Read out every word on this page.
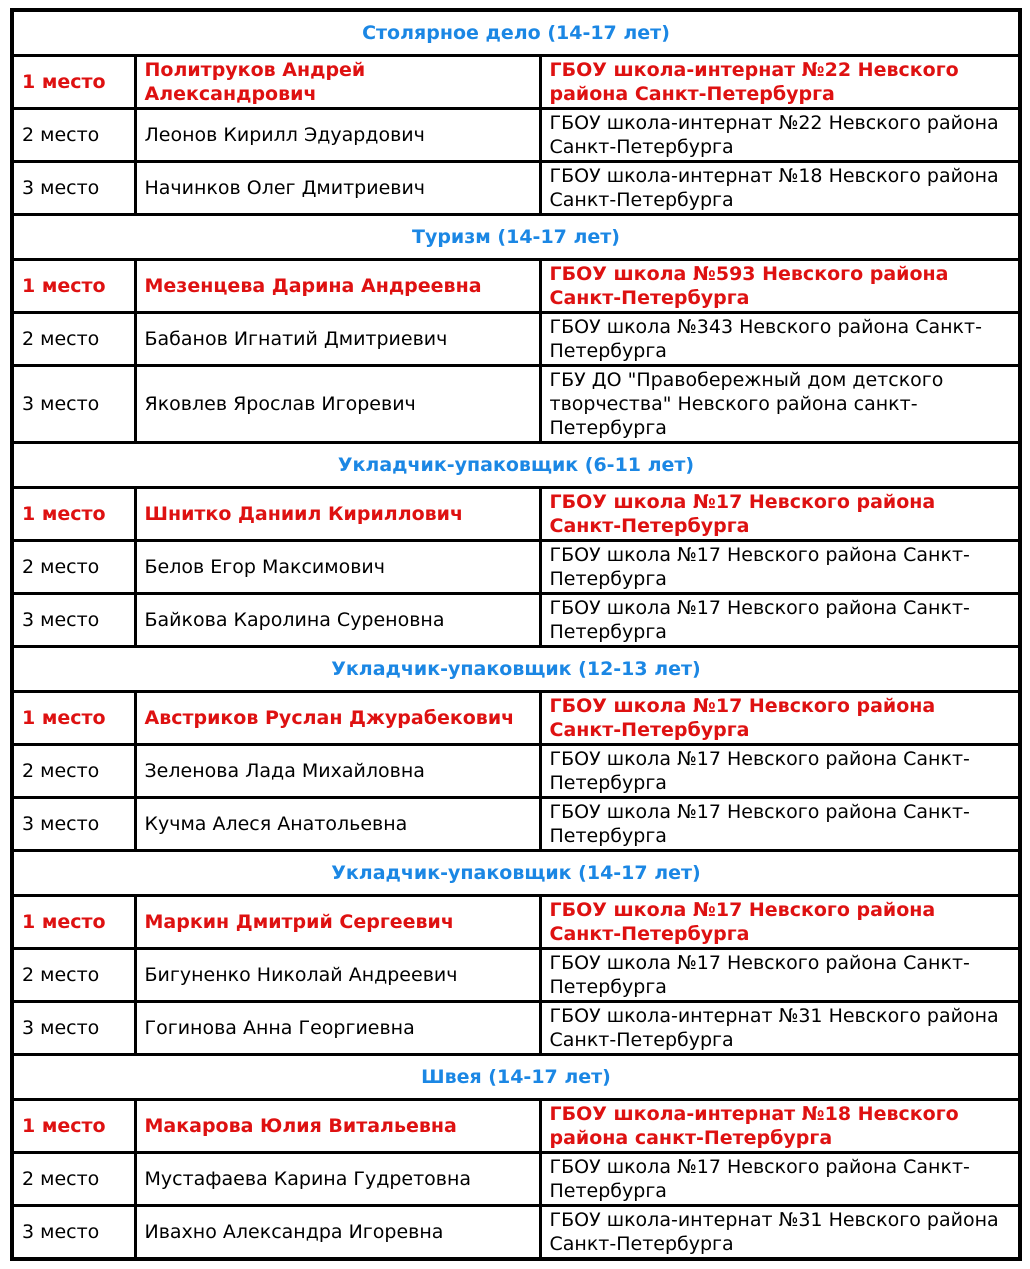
Столярное дело (14-17 лет)		
1 место	Политруков Андрей Александрович	ГБОУ школа-интернат №22 Невского района Санкт-Петербурга
2 место	Леонов Кирилл Эдуардович	ГБОУ школа-интернат №22 Невского района Санкт-Петербурга
3 место	Начинков Олег Дмитриевич	ГБОУ школа-интернат №18 Невского района Санкт-Петербурга
Туризм (14-17 лет)		
1 место	Мезенцева Дарина Андреевна	ГБОУ школа №593 Невского района Санкт-Петербурга
2 место	Бабанов Игнатий Дмитриевич	ГБОУ школа №343 Невского района Санкт-Петербурга
3 место	Яковлев Ярослав Игоревич	ГБУ ДО "Правобережный дом детского творчества" Невского района санкт-Петербурга
Укладчик-упаковщик (6-11 лет)		
1 место	Шнитко Даниил Кириллович	ГБОУ школа №17 Невского района Санкт-Петербурга
2 место	Белов Егор Максимович	ГБОУ школа №17 Невского района Санкт-Петербурга
3 место	Байкова Каролина Суреновна	ГБОУ школа №17 Невского района Санкт-Петербурга
Укладчик-упаковщик (12-13 лет)		
1 место	Австриков Руслан Джурабекович	ГБОУ школа №17 Невского района Санкт-Петербурга
2 место	Зеленова Лада Михайловна	ГБОУ школа №17 Невского района Санкт-Петербурга
3 место	Кучма Алеся Анатольевна	ГБОУ школа №17 Невского района Санкт-Петербурга
Укладчик-упаковщик (14-17 лет)		
1 место	Маркин Дмитрий Сергеевич	ГБОУ школа №17 Невского района Санкт-Петербурга
2 место	Бигуненко Николай Андреевич	ГБОУ школа №17 Невского района Санкт-Петербурга
3 место	Гогинова Анна Георгиевна	ГБОУ школа-интернат №31 Невского района Санкт-Петербурга
Швея (14-17 лет)		
1 место	Макарова Юлия Витальевна	ГБОУ школа-интернат №18 Невского района санкт-Петербурга
2 место	Мустафаева Карина Гудретовна	ГБОУ школа №17 Невского района Санкт-Петербурга
3 место	Ивахно Александра Игоревна	ГБОУ школа-интернат №31 Невского района Санкт-Петербурга
